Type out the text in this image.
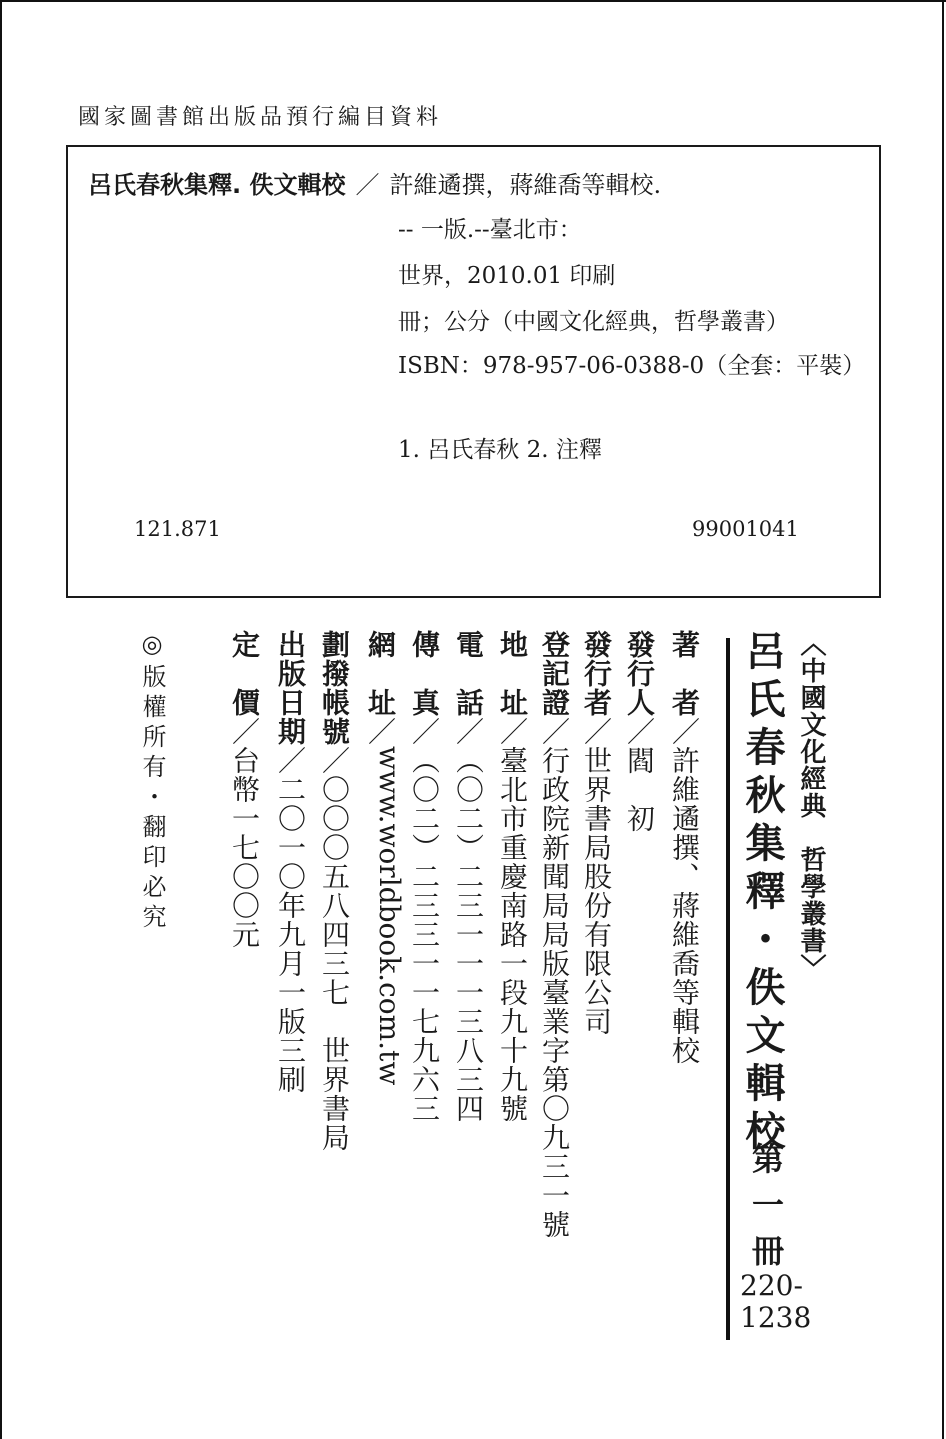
國家圖書館出版品預行編目資料
呂氏春秋集釋. 佚文輯校 ／ 許維遹撰，蔣維喬等輯校.
-- 一版.--臺北市：
世界，2010.01 印刷
冊；公分（中國文化經典，哲學叢書）
ISBN：978-957-06-0388-0（全套：平裝）
1. 呂氏春秋 2. 注釋
121.871	99001041
〈中國文化經典　哲學叢書〉
呂氏春秋集釋・佚文輯校
第一冊
220-
1238
著　者／許維遹撰、蔣維喬等輯校
發行人／閻　初
發行者／世界書局股份有限公司
登記證／行政院新聞局局版臺業字第〇九三一號
地　址／臺北市重慶南路一段九十九號
電　話／（〇二）二三一一一三八三四
傳　真／（〇二）二三三一一七九六三
網　址／www.worldbook.com.tw
劃撥帳號／〇〇〇五八四三七　世界書局
出版日期／二〇一〇年九月一版三刷
定　價／台幣一七〇〇元
◎版權所有・翻印必究
